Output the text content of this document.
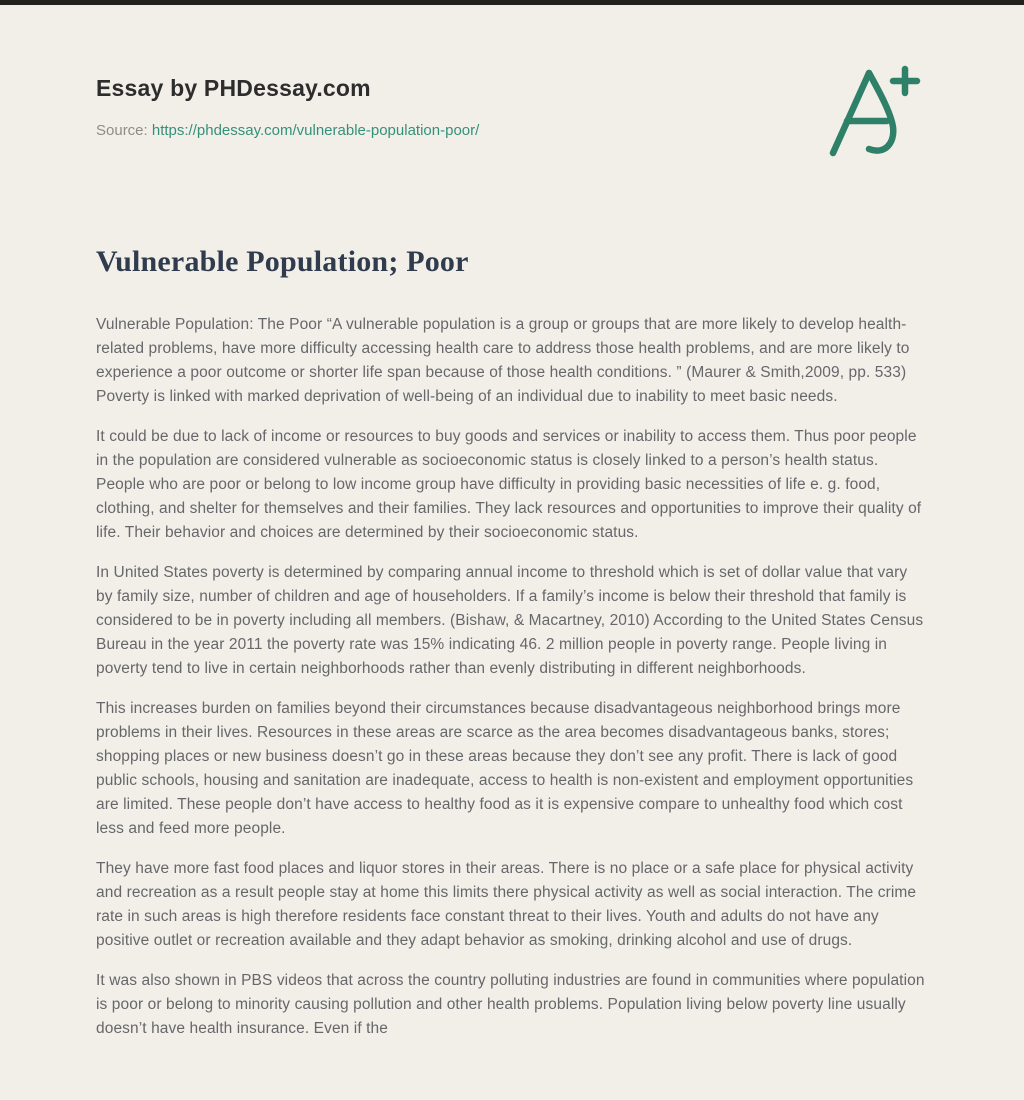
Essay by PHDessay.com

Source: https://phdessay.com/vulnerable-population-poor/

Vulnerable Population; Poor

Vulnerable Population: The Poor “A vulnerable population is a group or groups that are more likely to develop health- related problems, have more difficulty accessing health care to address those health problems, and are more likely to experience a poor outcome or shorter life span because of those health conditions. ” (Maurer & Smith,2009, pp. 533) Poverty is linked with marked deprivation of well-being of an individual due to inability to meet basic needs.

It could be due to lack of income or resources to buy goods and services or inability to access them. Thus poor people in the population are considered vulnerable as socioeconomic status is closely linked to a person’s health status. People who are poor or belong to low income group have difficulty in providing basic necessities of life e. g. food, clothing, and shelter for themselves and their families. They lack resources and opportunities to improve their quality of life. Their behavior and choices are determined by their socioeconomic status.

In United States poverty is determined by comparing annual income to threshold which is set of dollar value that vary by family size, number of children and age of householders. If a family’s income is below their threshold that family is considered to be in poverty including all members. (Bishaw, & Macartney, 2010) According to the United States Census Bureau in the year 2011 the poverty rate was 15% indicating 46. 2 million people in poverty range. People living in poverty tend to live in certain neighborhoods rather than evenly distributing in different neighborhoods.

This increases burden on families beyond their circumstances because disadvantageous neighborhood brings more problems in their lives. Resources in these areas are scarce as the area becomes disadvantageous banks, stores; shopping places or new business doesn’t go in these areas because they don’t see any profit. There is lack of good public schools, housing and sanitation are inadequate, access to health is non-existent and employment opportunities are limited. These people don’t have access to healthy food as it is expensive compare to unhealthy food which cost less and feed more people.

They have more fast food places and liquor stores in their areas. There is no place or a safe place for physical activity and recreation as a result people stay at home this limits there physical activity as well as social interaction. The crime rate in such areas is high therefore residents face constant threat to their lives. Youth and adults do not have any positive outlet or recreation available and they adapt behavior as smoking, drinking alcohol and use of drugs.

It was also shown in PBS videos that across the country polluting industries are found in communities where population is poor or belong to minority causing pollution and other health problems. Population living below poverty line usually doesn’t have health insurance. Even if the
